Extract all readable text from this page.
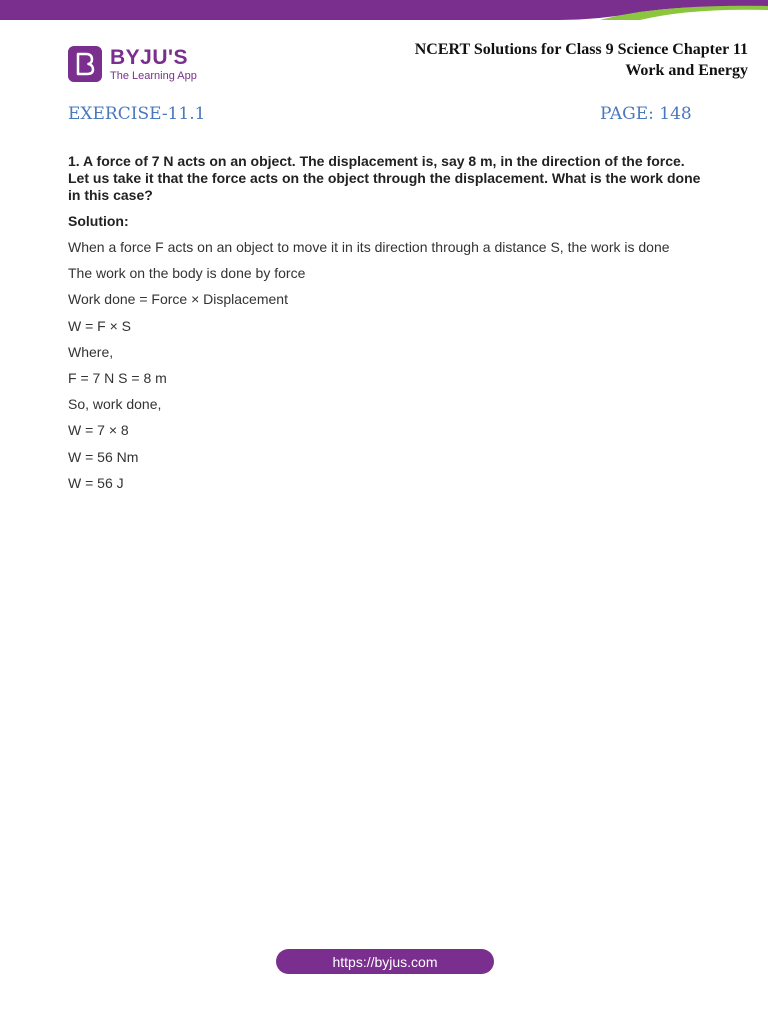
BYJU'S
The Learning App
NCERT Solutions for Class 9 Science Chapter 11
Work and Energy
EXERCISE-11.1	PAGE: 148
1. A force of 7 N acts on an object. The displacement is, say 8 m, in the direction of the force.
Let us take it that the force acts on the object through the displacement. What is the work done
in this case?
Solution:
When a force F acts on an object to move it in its direction through a distance S, the work is done
The work on the body is done by force
Work done = Force × Displacement
W = F × S
Where,
F = 7 N S = 8 m
So, work done,
W = 7 × 8
W = 56 Nm
W = 56 J
https://byjus.com
